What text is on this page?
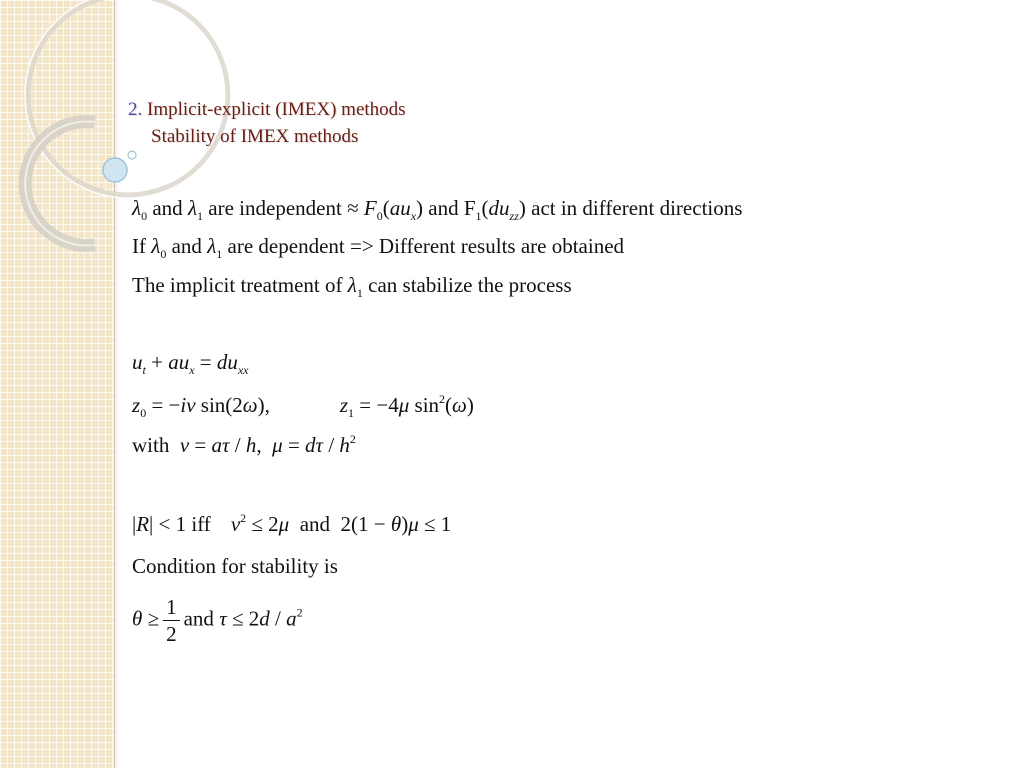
2. Implicit-explicit (IMEX) methods
Stability of IMEX methods
$\lambda_0$ and $\lambda_1$ are independent ≈ $F_0(au_x)$ and $F_1(du_{zz})$ act in different directions
If $\lambda_0$ and $\lambda_1$ are dependent => Different results are obtained
The implicit treatment of $\lambda_1$ can stabilize the process
$u_t + au_x = du_{xx}$
$z_0 = -i\nu$ sin(2ω),	$z_1 = -4\mu$ $\sin^2(\omega)$
with ν = aτ / h,  $\mu = d\tau / h^2$
|R| < 1 iff $\nu^2 \le 2\mu$ and  2(1 − θ)μ ≤ 1
Condition for stability is
$\theta \ge \frac{1}{2}$ and $\tau \le 2d / a^2$
